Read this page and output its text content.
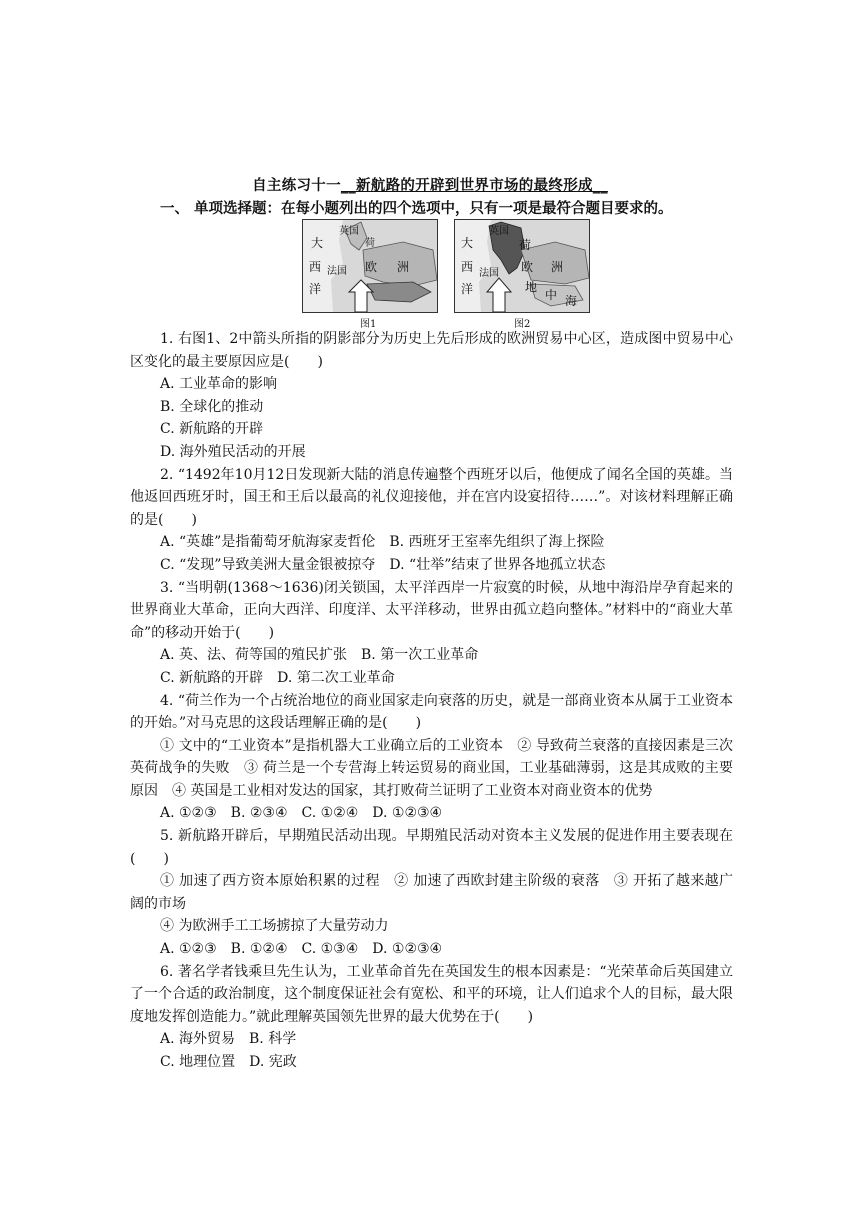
自主练习十一__新航路的开辟到世界市场的最终形成__
一、 单项选择题：在每小题列出的四个选项中，只有一项是最符合题目要求的。
英国
大
西
洋
荷
法国 欧 洲
图1
英国
大
西
洋
荷
法国 欧 洲
地
中 海
图2

1. 右图1、2中箭头所指的阴影部分为历史上先后形成的欧洲贸易中心区，造成图中贸易中心区变化的最主要原因应是(　　)

A. 工业革命的影响

B. 全球化的推动

C. 新航路的开辟

D. 海外殖民活动的开展

2. “1492年10月12日发现新大陆的消息传遍整个西班牙以后，他便成了闻名全国的英雄。当他返回西班牙时，国王和王后以最高的礼仪迎接他，并在宫内设宴招待……”。对该材料理解正确的是(　　)

A. “英雄”是指葡萄牙航海家麦哲伦　B. 西班牙王室率先组织了海上探险

C. “发现”导致美洲大量金银被掠夺　D. “壮举”结束了世界各地孤立状态

3. “当明朝(1368～1636)闭关锁国，太平洋西岸一片寂寞的时候，从地中海沿岸孕育起来的世界商业大革命，正向大西洋、印度洋、太平洋移动，世界由孤立趋向整体。”材料中的“商业大革命”的移动开始于(　　)

A. 英、法、荷等国的殖民扩张　B. 第一次工业革命

C. 新航路的开辟　D. 第二次工业革命

4. “荷兰作为一个占统治地位的商业国家走向衰落的历史，就是一部商业资本从属于工业资本的开始。”对马克思的这段话理解正确的是(　　)

① 文中的“工业资本”是指机器大工业确立后的工业资本　② 导致荷兰衰落的直接因素是三次英荷战争的失败　③ 荷兰是一个专营海上转运贸易的商业国，工业基础薄弱，这是其成败的主要原因　④ 英国是工业相对发达的国家，其打败荷兰证明了工业资本对商业资本的优势

A. ①②③　B. ②③④　C. ①②④　D. ①②③④

5. 新航路开辟后，早期殖民活动出现。早期殖民活动对资本主义发展的促进作用主要表现在(　　)

① 加速了西方资本原始积累的过程　② 加速了西欧封建主阶级的衰落　③ 开拓了越来越广阔的市场

④ 为欧洲手工工场掳掠了大量劳动力

A. ①②③　B. ①②④　C. ①③④　D. ①②③④

6. 著名学者钱乘旦先生认为，工业革命首先在英国发生的根本因素是：“光荣革命后英国建立了一个合适的政治制度，这个制度保证社会有宽松、和平的环境，让人们追求个人的目标，最大限度地发挥创造能力。”就此理解英国领先世界的最大优势在于(　　)

A. 海外贸易　B. 科学

C. 地理位置　D. 宪政
